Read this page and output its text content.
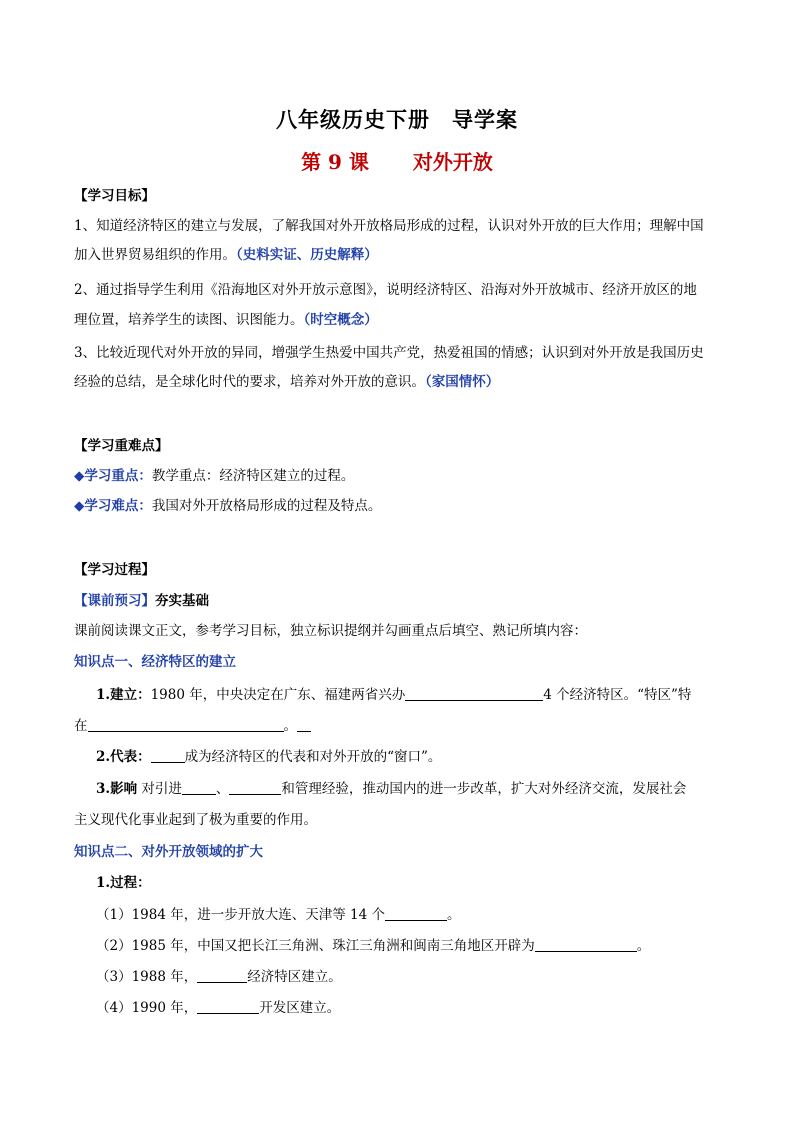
八年级历史下册　导学案
第 9 课 对外开放
【学习目标】
1、知道经济特区的建立与发展，了解我国对外开放格局形成的过程，认识对外开放的巨大作用；理解中国
加入世界贸易组织的作用。（史料实证、历史解释）
2、通过指导学生利用《沿海地区对外开放示意图》，说明经济特区、沿海对外开放城市、经济开放区的地
理位置，培养学生的读图、识图能力。（时空概念）
3、比较近现代对外开放的异同，增强学生热爱中国共产党，热爱祖国的情感；认识到对外开放是我国历史
经验的总结，是全球化时代的要求，培养对外开放的意识。（家国情怀）
【学习重难点】
◆学习重点：教学重点：经济特区建立的过程。
◆学习难点：我国对外开放格局形成的过程及特点。
【学习过程】
【课前预习】夯实基础
课前阅读课文正文，参考学习目标，独立标识提纲并勾画重点后填空、熟记所填内容：
知识点一、经济特区的建立
1.建立：1980 年，中央决定在广东、福建两省兴办	4 个经济特区。“特区”特
在	。
2.代表：	成为经济特区的代表和对外开放的“窗口”。
3.影响 对引进	、	和管理经验，推动国内的进一步改革，扩大对外经济交流，发展社会
主义现代化事业起到了极为重要的作用。
知识点二、对外开放领域的扩大
1.过程：
（1）1984 年，进一步开放大连、天津等 14 个	。
（2）1985 年，中国又把长江三角洲、珠江三角洲和闽南三角地区开辟为	。
（3）1988 年，	经济特区建立。
（4）1990 年，	开发区建立。
